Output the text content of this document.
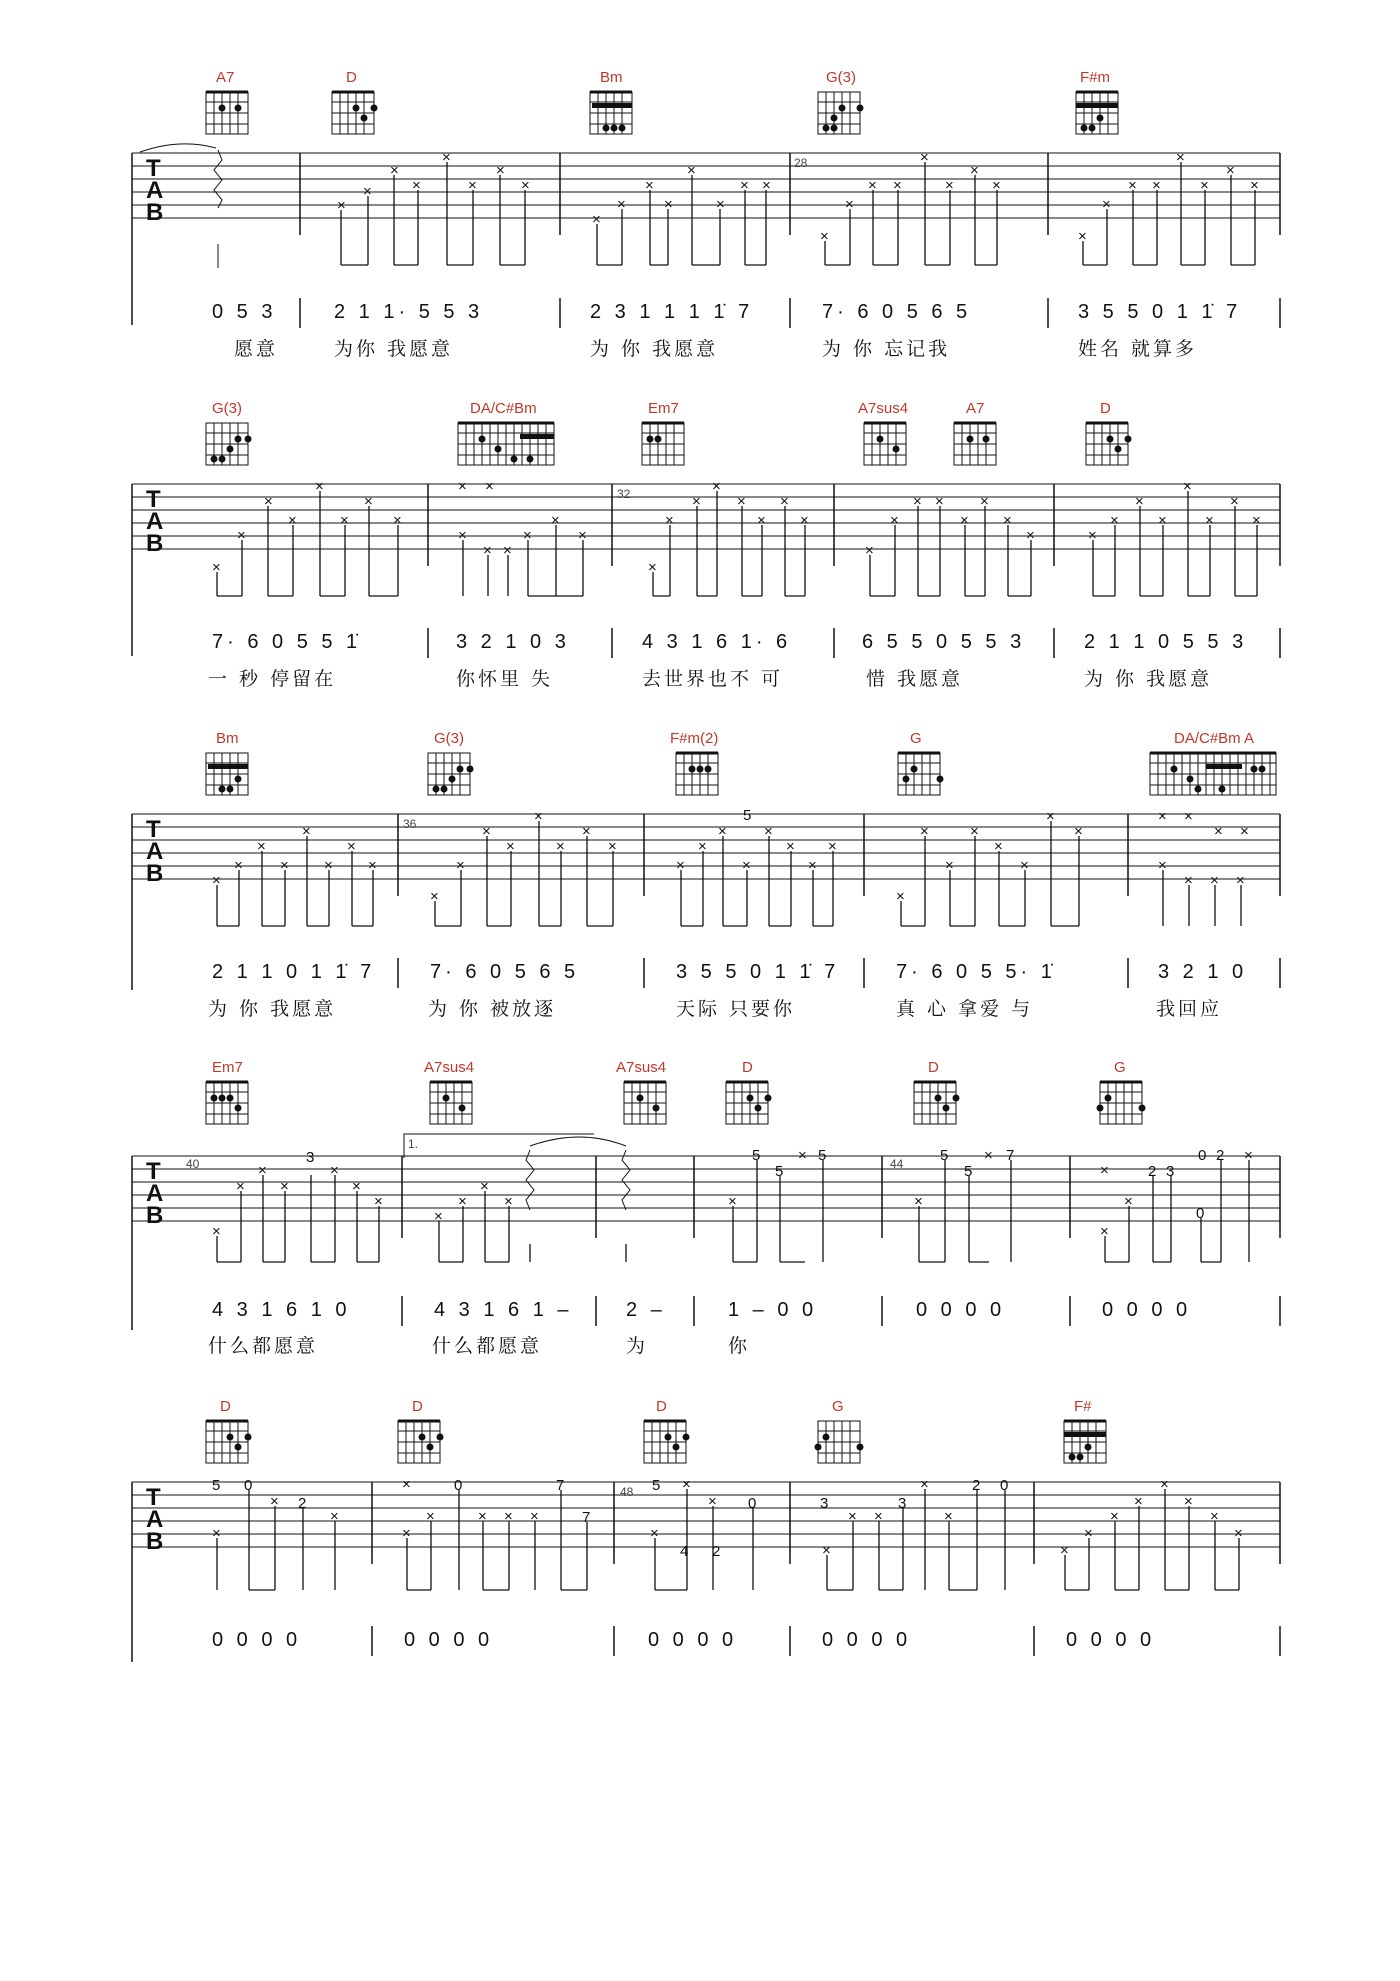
A7	D	Bm	G(3)	F#m
T
A
B
28
×
×
×
×
×
×
×
×
×
×
×
×
×
×
× ×
×
×
× ×
×
×
×
×
×
×
× ×
×
×
×
×
0 5 3	2 1 1· 5 5 3	2 3 1 1 1 1̇ 7	7· 6 0 5 6 5	3 5 5 0 1 1̇ 7
愿意	为你 我愿意	为 你 我愿意	为 你 忘记我	姓名 就算多
G(3)	DA/C#Bm	Em7	A7sus4	A7	D
T
A
B
32
×
×
×
×
×
×
×
×
× ×
×
× ×
×
×
×
×
×
×
×
×
×
×
×
×
×
× ×
×
×
×
×	×
×
×
×
×
×
×
×
7· 6 0 5 5 1̇	3 2 1 0 3	4 3 1 6 1· 6	6 5 5 0 5 5 3	2 1 1 0 5 5 3
一 秒 停留在	你怀里 失	去世界也不 可	惜 我愿意	为 你 我愿意
Bm	G(3)	F#m(2)	G	DA/C#Bm A
T
A
B
36
×
×
×
×
×
×
×
×
×
×
×
×
×
×
×
×
×
×
× ×
×
×
×
×
×
×
×
×
×
×
×
×
× ×
× ×
×
× × ×
5
2 1 1 0 1 1̇ 7	7· 6 0 5 6 5	3 5 5 0 1 1̇ 7	7· 6 0 5 5· 1̇	3 2 1 0
为 你 我愿意	为 你 被放逐	天际 只要你	真 心 拿爱 与	我回应
Em7	A7sus4	A7sus4	D	D	G
T
A
B
40	44
1.
×
×
×
×
×
×
×
×
×
×
×	×	×
×
×
×
×
3	5
5
5
×	5
5
7
×
2 3
0
0 2
4 3 1 6 1 0	4 3 1 6 1 –	2 –	1 – 0 0	0 0 0 0	0 0 0 0
什么都愿意	什么都愿意	为	你
D	D	D	G	F#
T
A
B
48
×
×
×
×
×
×	× × ×
×
×
×
×
× ×
×
×
×
×
×
×
×
×
×
×
5 0
2
0	7
7
5
4 2
0	3	3
2 0
0 0 0 0	0 0 0 0	0 0 0 0	0 0 0 0	0 0 0 0
